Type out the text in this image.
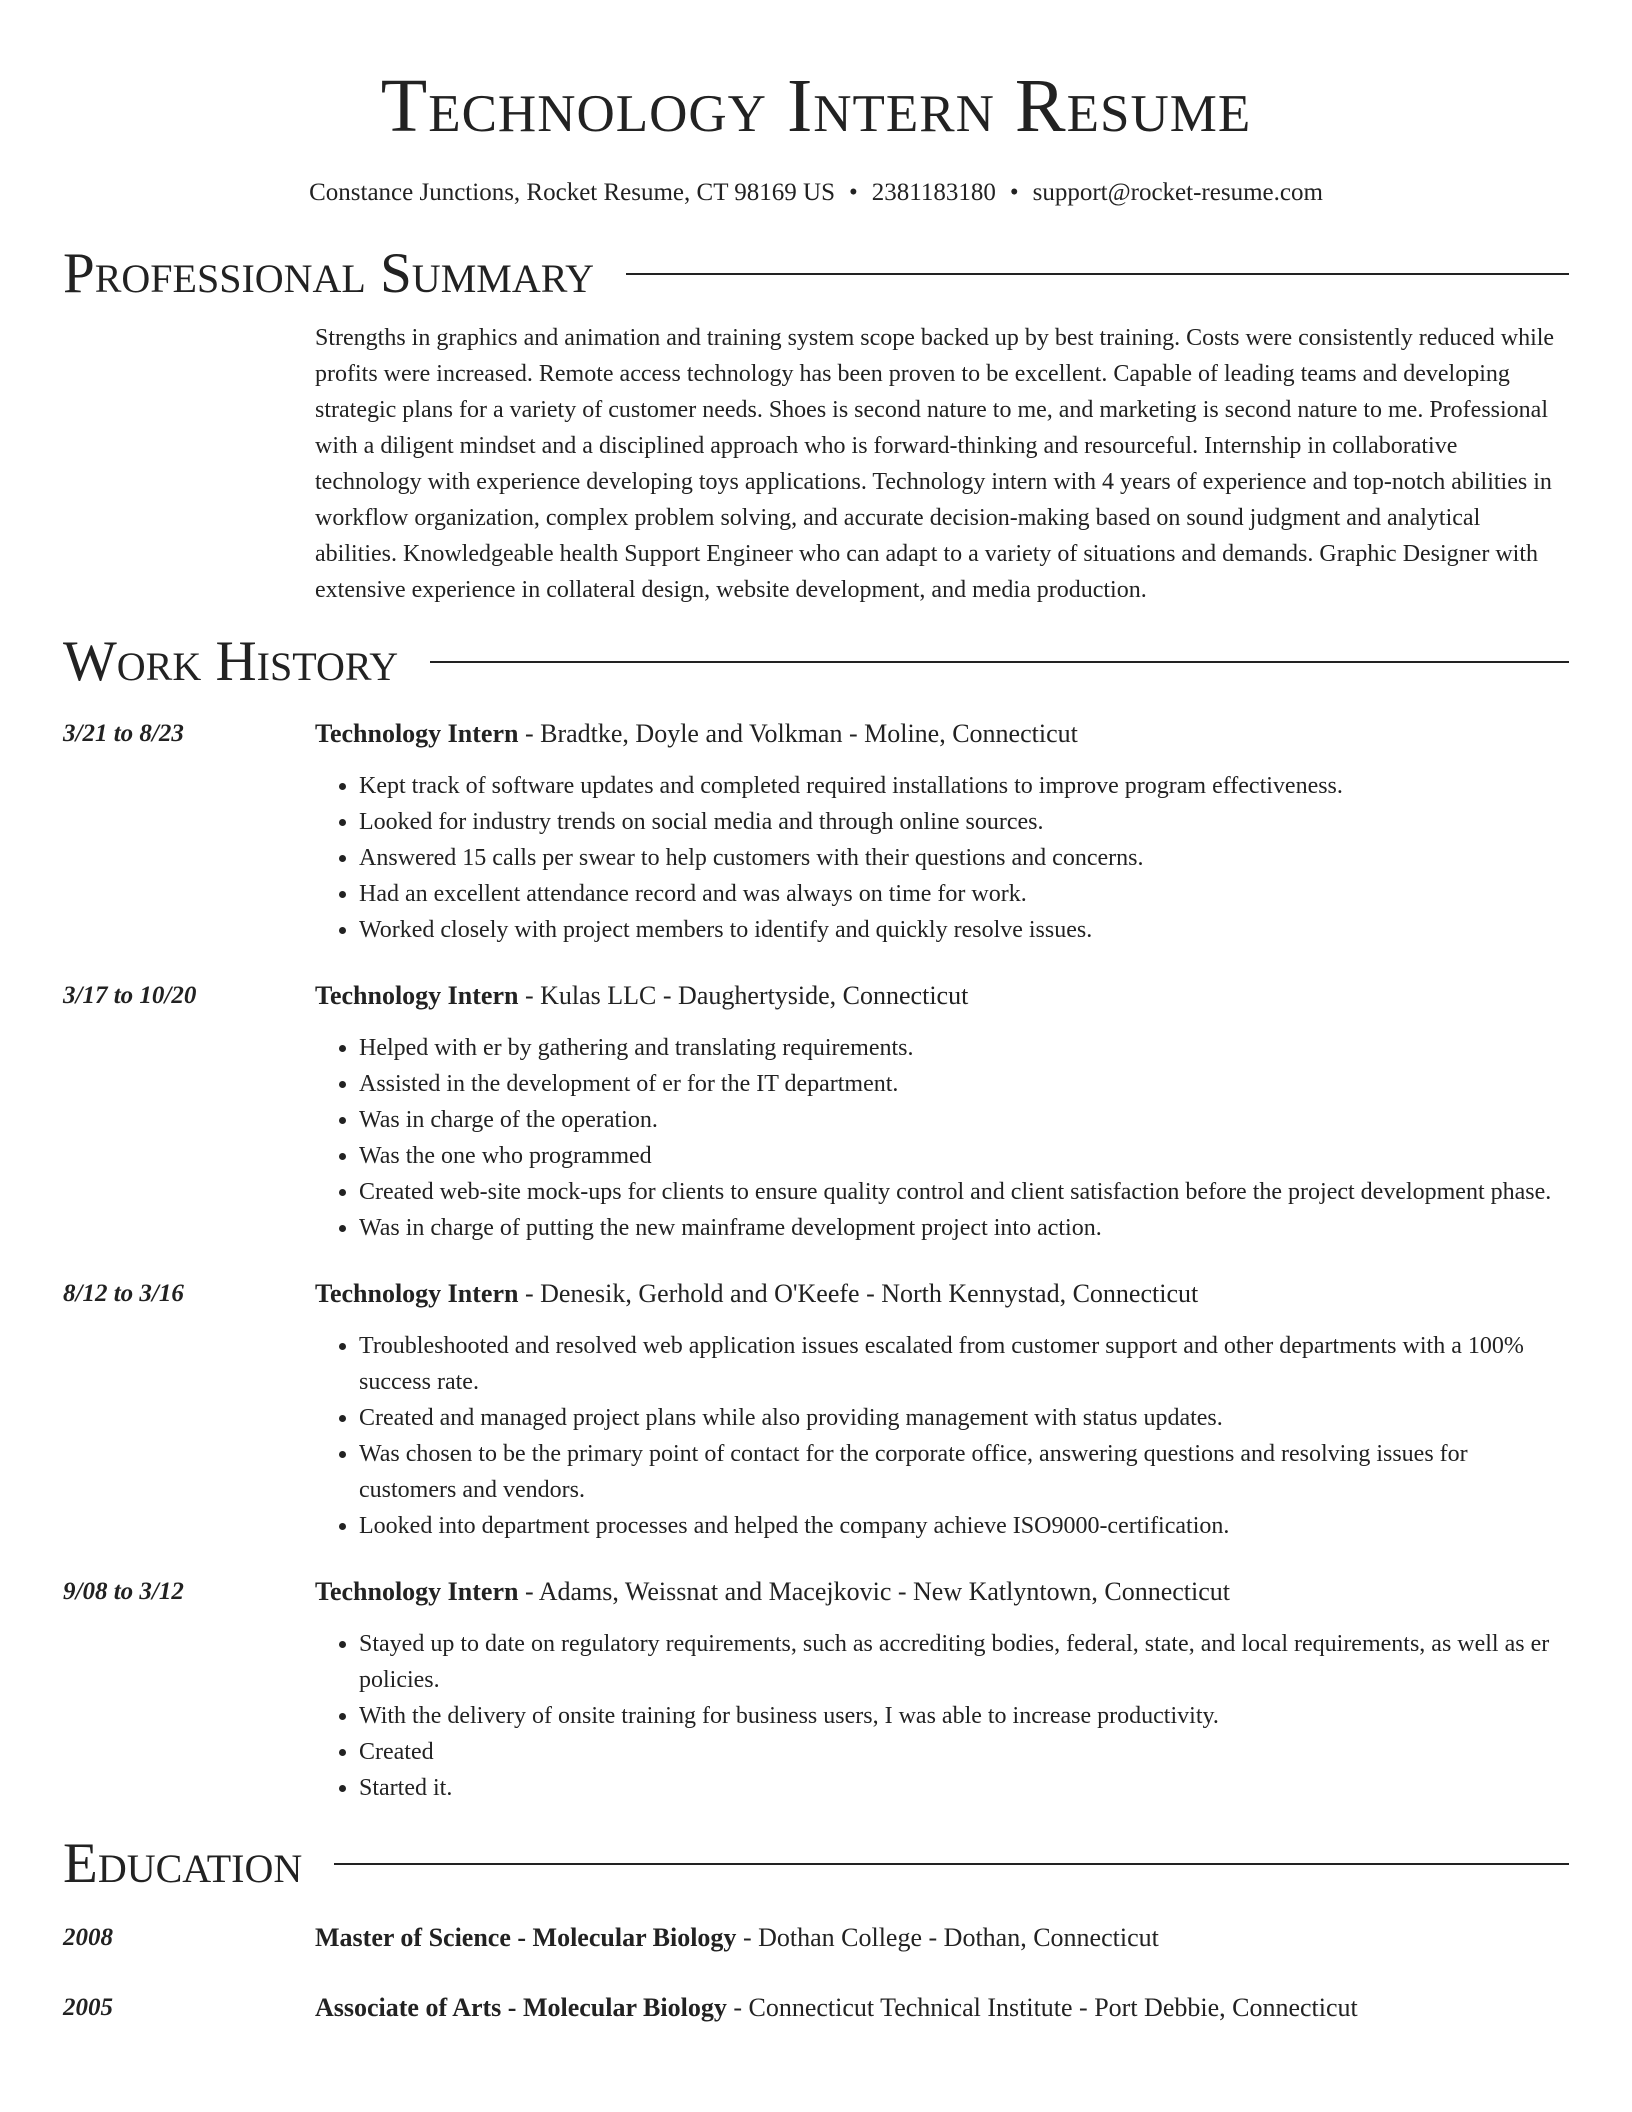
Technology Intern Resume
Constance Junctions, Rocket Resume, CT 98169 US • 2381183180 • support@rocket-resume.com
Professional Summary

Strengths in graphics and animation and training system scope backed up by best training. Costs were consistently reduced while profits were increased. Remote access technology has been proven to be excellent. Capable of leading teams and developing strategic plans for a variety of customer needs. Shoes is second nature to me, and marketing is second nature to me. Professional with a diligent mindset and a disciplined approach who is forward-thinking and resourceful. Internship in collaborative technology with experience developing toys applications. Technology intern with 4 years of experience and top-notch abilities in workflow organization, complex problem solving, and accurate decision-making based on sound judgment and analytical abilities. Knowledgeable health Support Engineer who can adapt to a variety of situations and demands. Graphic Designer with extensive experience in collateral design, website development, and media production.

Work History
3/21 to 8/23	Technology Intern - Bradtke, Doyle and Volkman - Moline, Connecticut
• Kept track of software updates and completed required installations to improve program effectiveness.
• Looked for industry trends on social media and through online sources.
• Answered 15 calls per swear to help customers with their questions and concerns.
• Had an excellent attendance record and was always on time for work.
• Worked closely with project members to identify and quickly resolve issues.
3/17 to 10/20	Technology Intern - Kulas LLC - Daughertyside, Connecticut
• Helped with er by gathering and translating requirements.
• Assisted in the development of er for the IT department.
• Was in charge of the operation.
• Was the one who programmed
• Created web-site mock-ups for clients to ensure quality control and client satisfaction before the project development phase.
• Was in charge of putting the new mainframe development project into action.
8/12 to 3/16	Technology Intern - Denesik, Gerhold and O'Keefe - North Kennystad, Connecticut
• Troubleshooted and resolved web application issues escalated from customer support and other departments with a 100% success rate.
• Created and managed project plans while also providing management with status updates.
• Was chosen to be the primary point of contact for the corporate office, answering questions and resolving issues for customers and vendors.
• Looked into department processes and helped the company achieve ISO9000-certification.
9/08 to 3/12	Technology Intern - Adams, Weissnat and Macejkovic - New Katlyntown, Connecticut
• Stayed up to date on regulatory requirements, such as accrediting bodies, federal, state, and local requirements, as well as er policies.
• With the delivery of onsite training for business users, I was able to increase productivity.
• Created
• Started it.
Education
2008	Master of Science - Molecular Biology - Dothan College - Dothan, Connecticut
2005	Associate of Arts - Molecular Biology - Connecticut Technical Institute - Port Debbie, Connecticut
